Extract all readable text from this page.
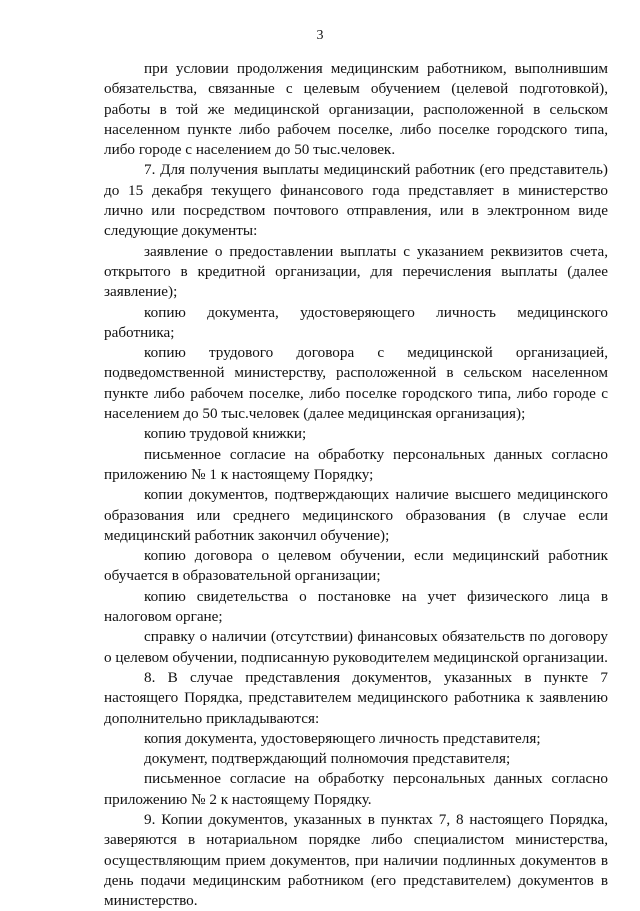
3

при условии продолжения медицинским работником, выполнившим обязательства, связанные с целевым обучением (целевой подготовкой), работы в той же медицинской организации, расположенной в сельском населенном пункте либо рабочем поселке, либо поселке городского типа, либо городе с населением до 50 тыс.человек.

7. Для получения выплаты медицинский работник (его представитель) до 15 декабря текущего финансового года представляет в министерство лично или посредством почтового отправления, или в электронном виде следующие документы:

заявление о предоставлении выплаты с указанием реквизитов счета, открытого в кредитной организации, для перечисления выплаты (далее заявление);

копию документа, удостоверяющего личность медицинского работника;

копию трудового договора с медицинской организацией, подведомственной министерству, расположенной в сельском населенном пункте либо рабочем поселке, либо поселке городского типа, либо городе с населением до 50 тыс.человек (далее медицинская организация);

копию трудовой книжки;

письменное согласие на обработку персональных данных согласно приложению № 1 к настоящему Порядку;

копии документов, подтверждающих наличие высшего медицинского образования или среднего медицинского образования (в случае если медицинский работник закончил обучение);

копию договора о целевом обучении, если медицинский работник обучается в образовательной организации;

копию свидетельства о постановке на учет физического лица в налоговом органе;

справку о наличии (отсутствии) финансовых обязательств по договору о целевом обучении, подписанную руководителем медицинской организации.

8. В случае представления документов, указанных в пункте 7 настоящего Порядка, представителем медицинского работника к заявлению дополнительно прикладываются:

копия документа, удостоверяющего личность представителя;

документ, подтверждающий полномочия представителя;

письменное согласие на обработку персональных данных согласно приложению № 2 к настоящему Порядку.

9. Копии документов, указанных в пунктах 7, 8 настоящего Порядка, заверяются в нотариальном порядке либо специалистом министерства, осуществляющим прием документов, при наличии подлинных документов в день подачи медицинским работником (его представителем) документов в министерство.
